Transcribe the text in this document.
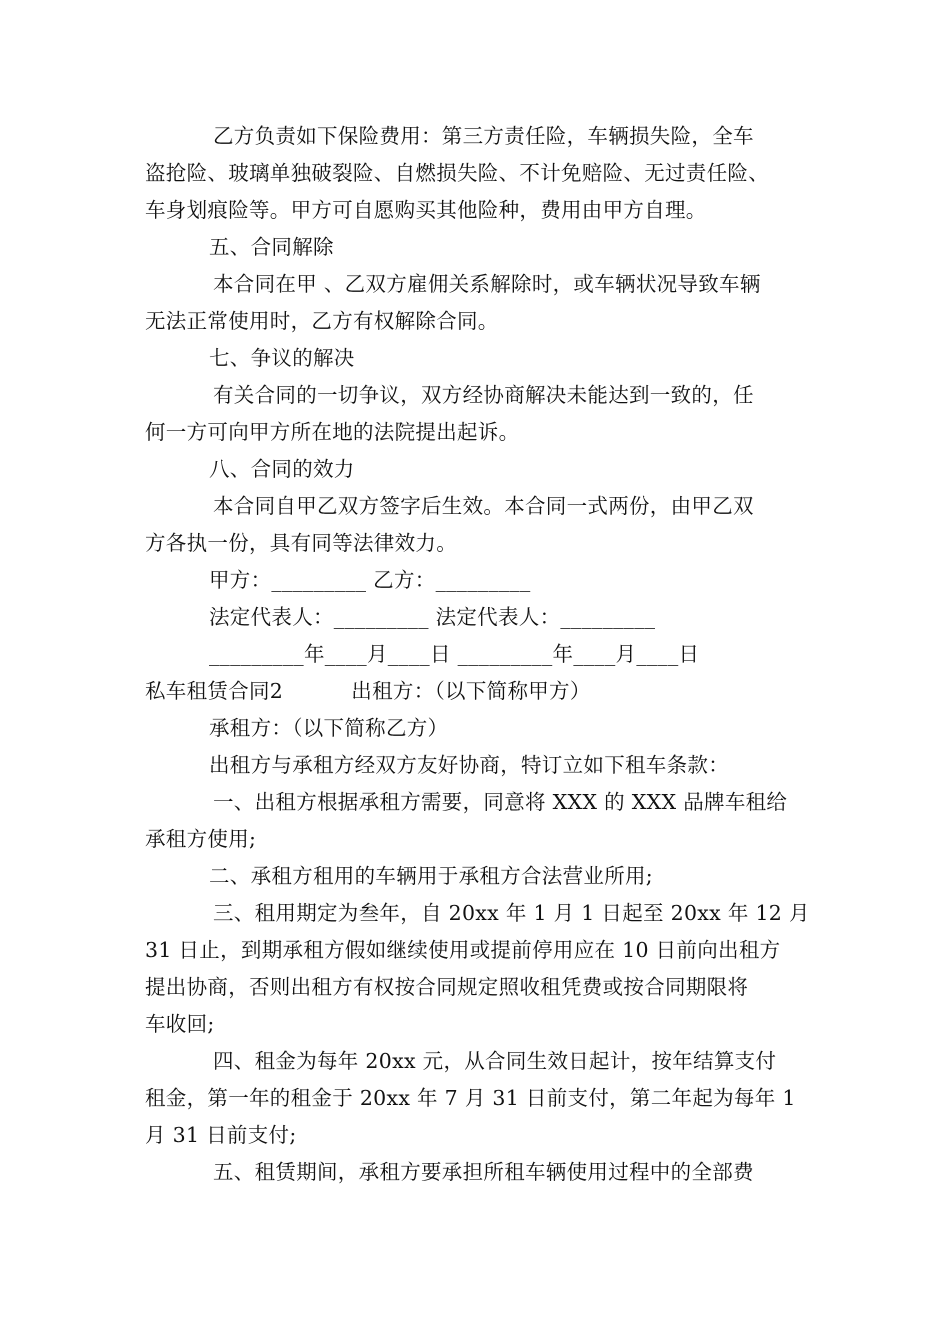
乙方负责如下保险费用：第三方责任险，车辆损失险，全车
盗抢险、玻璃单独破裂险、自燃损失险、不计免赔险、无过责任险、
车身划痕险等。甲方可自愿购买其他险种，费用由甲方自理。
五、合同解除
本合同在甲 、乙双方雇佣关系解除时，或车辆状况导致车辆
无法正常使用时，乙方有权解除合同。
七、争议的解决
有关合同的一切争议，双方经协商解决未能达到一致的，任
何一方可向甲方所在地的法院提出起诉。
八、合同的效力
本合同自甲乙双方签字后生效。本合同一式两份，由甲乙双
方各执一份，具有同等法律效力。
甲方：_________ 乙方：_________
法定代表人：_________ 法定代表人：_________
_________年____月____日 _________年____月____日
私车租赁合同2          出租方：（以下简称甲方）
承租方：（以下简称乙方）
出租方与承租方经双方友好协商，特订立如下租车条款：
一、出租方根据承租方需要，同意将 XXX 的 XXX 品牌车租给
承租方使用;
二、承租方租用的车辆用于承租方合法营业所用;
三、租用期定为叁年，自 20xx 年 1 月 1 日起至 20xx 年 12 月
31 日止，到期承租方假如继续使用或提前停用应在 10 日前向出租方
提出协商，否则出租方有权按合同规定照收租凭费或按合同期限将
车收回;
四、租金为每年 20xx 元，从合同生效日起计，按年结算支付
租金，第一年的租金于 20xx 年 7 月 31 日前支付，第二年起为每年 1
月 31 日前支付;
五、租赁期间，承租方要承担所租车辆使用过程中的全部费
